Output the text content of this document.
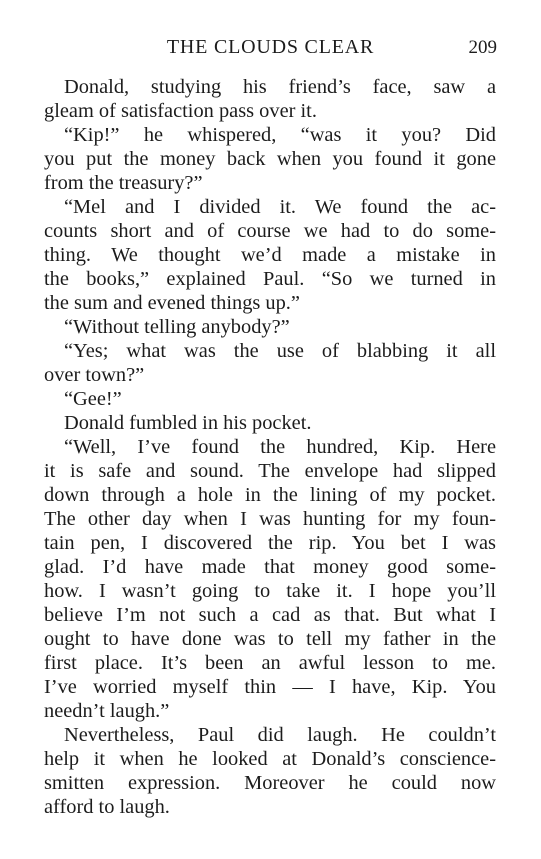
THE CLOUDS CLEAR	209
Donald, studying his friend’s face, saw a
gleam of satisfaction pass over it.
“Kip!” he whispered, “was it you? Did
you put the money back when you found it gone
from the treasury?”
“Mel and I divided it. We found the ac-
counts short and of course we had to do some-
thing. We thought we’d made a mistake in
the books,” explained Paul. “So we turned in
the sum and evened things up.”
“Without telling anybody?”
“Yes; what was the use of blabbing it all
over town?”
“Gee!”
Donald fumbled in his pocket.
“Well, I’ve found the hundred, Kip. Here
it is safe and sound. The envelope had slipped
down through a hole in the lining of my pocket.
The other day when I was hunting for my foun-
tain pen, I discovered the rip. You bet I was
glad. I’d have made that money good some-
how. I wasn’t going to take it. I hope you’ll
believe I’m not such a cad as that. But what I
ought to have done was to tell my father in the
first place. It’s been an awful lesson to me.
I’ve worried myself thin — I have, Kip. You
needn’t laugh.”
Nevertheless, Paul did laugh. He couldn’t
help it when he looked at Donald’s conscience-
smitten expression. Moreover he could now
afford to laugh.
